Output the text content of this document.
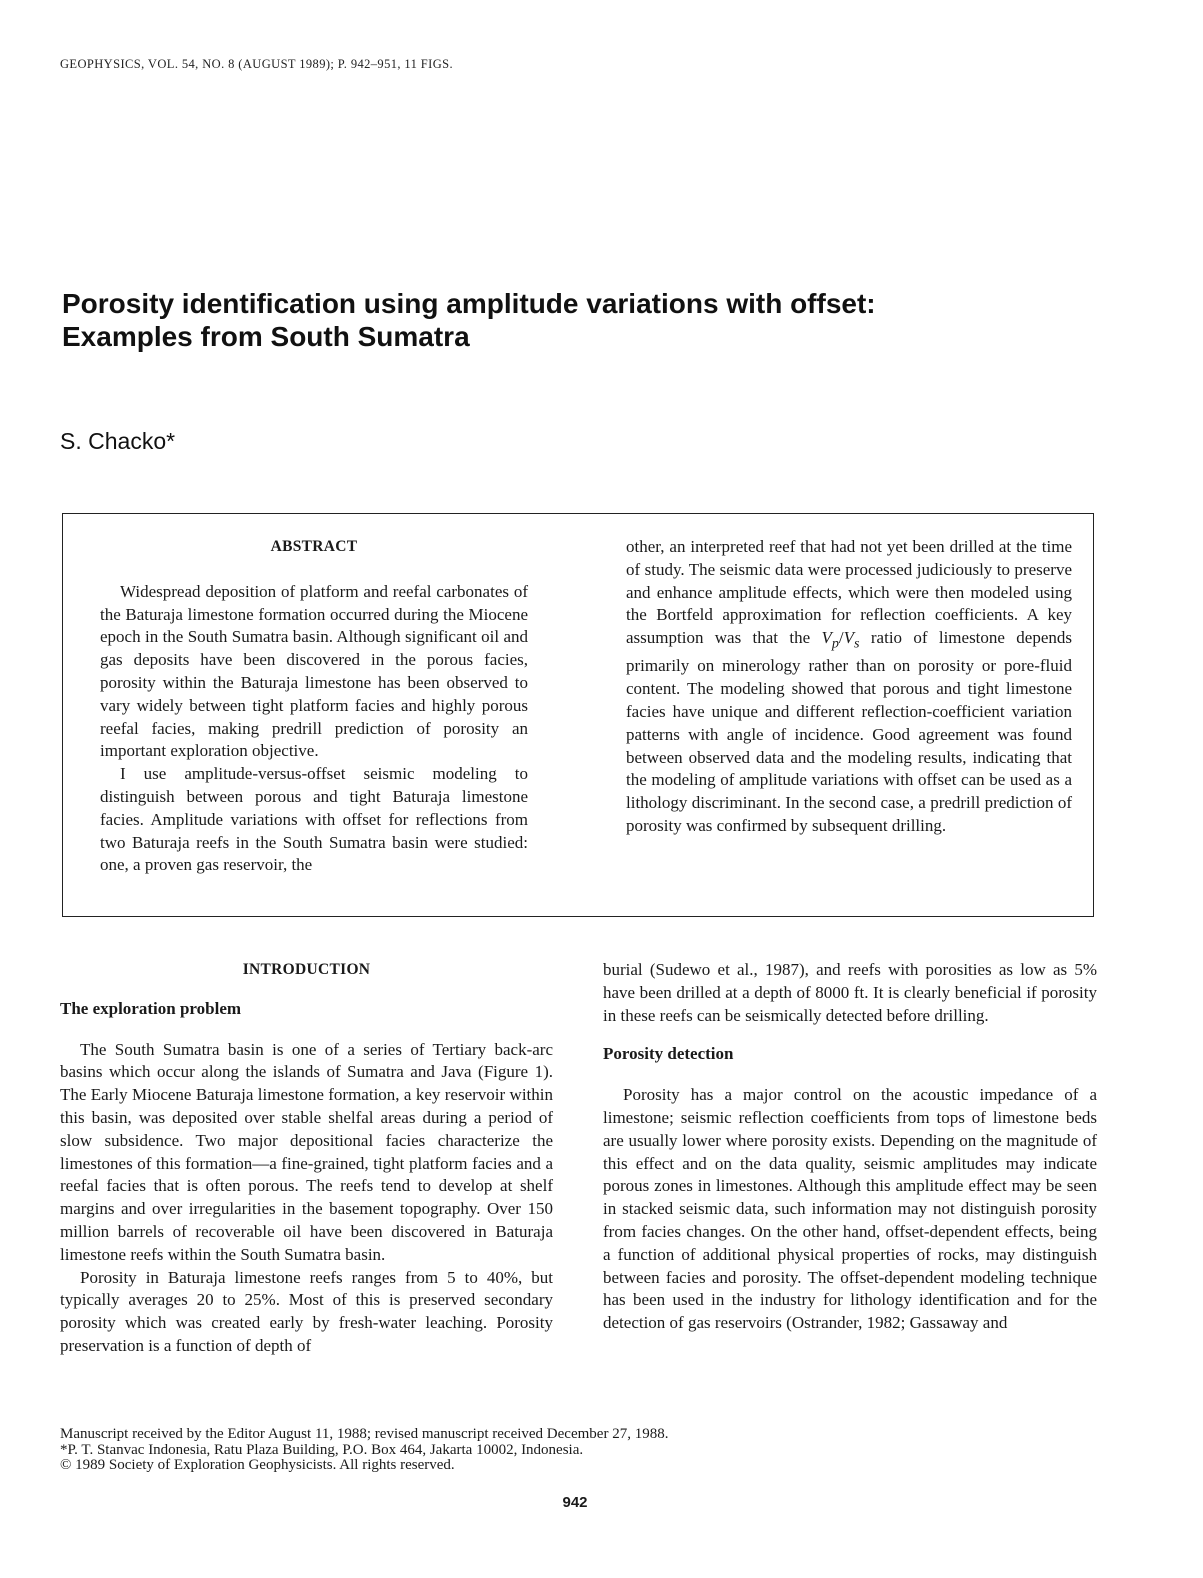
GEOPHYSICS, VOL. 54, NO. 8 (AUGUST 1989); P. 942–951, 11 FIGS.
Porosity identification using amplitude variations with offset:
Examples from South Sumatra
S. Chacko*

ABSTRACT

Widespread deposition of platform and reefal carbonates of the Baturaja limestone formation occurred during the Miocene epoch in the South Sumatra basin. Although significant oil and gas deposits have been discovered in the porous facies, porosity within the Baturaja limestone has been observed to vary widely between tight platform facies and highly porous reefal facies, making predrill prediction of porosity an important exploration objective.

I use amplitude-versus-offset seismic modeling to distinguish between porous and tight Baturaja limestone facies. Amplitude variations with offset for reflections from two Baturaja reefs in the South Sumatra basin were studied: one, a proven gas reservoir, the

other, an interpreted reef that had not yet been drilled at the time of study. The seismic data were processed judiciously to preserve and enhance amplitude effects, which were then modeled using the Bortfeld approximation for reflection coefficients. A key assumption was that the $V_p/V_s$ ratio of limestone depends primarily on minerology rather than on porosity or pore-fluid content. The modeling showed that porous and tight limestone facies have unique and different reflection-coefficient variation patterns with angle of incidence. Good agreement was found between observed data and the modeling results, indicating that the modeling of amplitude variations with offset can be used as a lithology discriminant. In the second case, a predrill prediction of porosity was confirmed by subsequent drilling.

INTRODUCTION

The exploration problem

The South Sumatra basin is one of a series of Tertiary back-arc basins which occur along the islands of Sumatra and Java (Figure 1). The Early Miocene Baturaja limestone formation, a key reservoir within this basin, was deposited over stable shelfal areas during a period of slow subsidence. Two major depositional facies characterize the limestones of this formation—a fine-grained, tight platform facies and a reefal facies that is often porous. The reefs tend to develop at shelf margins and over irregularities in the basement topography. Over 150 million barrels of recoverable oil have been discovered in Baturaja limestone reefs within the South Sumatra basin.

Porosity in Baturaja limestone reefs ranges from 5 to 40%, but typically averages 20 to 25%. Most of this is preserved secondary porosity which was created early by fresh-water leaching. Porosity preservation is a function of depth of

burial (Sudewo et al., 1987), and reefs with porosities as low as 5% have been drilled at a depth of 8000 ft. It is clearly beneficial if porosity in these reefs can be seismically detected before drilling.

Porosity detection

Porosity has a major control on the acoustic impedance of a limestone; seismic reflection coefficients from tops of limestone beds are usually lower where porosity exists. Depending on the magnitude of this effect and on the data quality, seismic amplitudes may indicate porous zones in limestones. Although this amplitude effect may be seen in stacked seismic data, such information may not distinguish porosity from facies changes. On the other hand, offset-dependent effects, being a function of additional physical properties of rocks, may distinguish between facies and porosity. The offset-dependent modeling technique has been used in the industry for lithology identification and for the detection of gas reservoirs (Ostrander, 1982; Gassaway and

Manuscript received by the Editor August 11, 1988; revised manuscript received December 27, 1988.
*P. T. Stanvac Indonesia, Ratu Plaza Building, P.O. Box 464, Jakarta 10002, Indonesia.
© 1989 Society of Exploration Geophysicists. All rights reserved.
942
